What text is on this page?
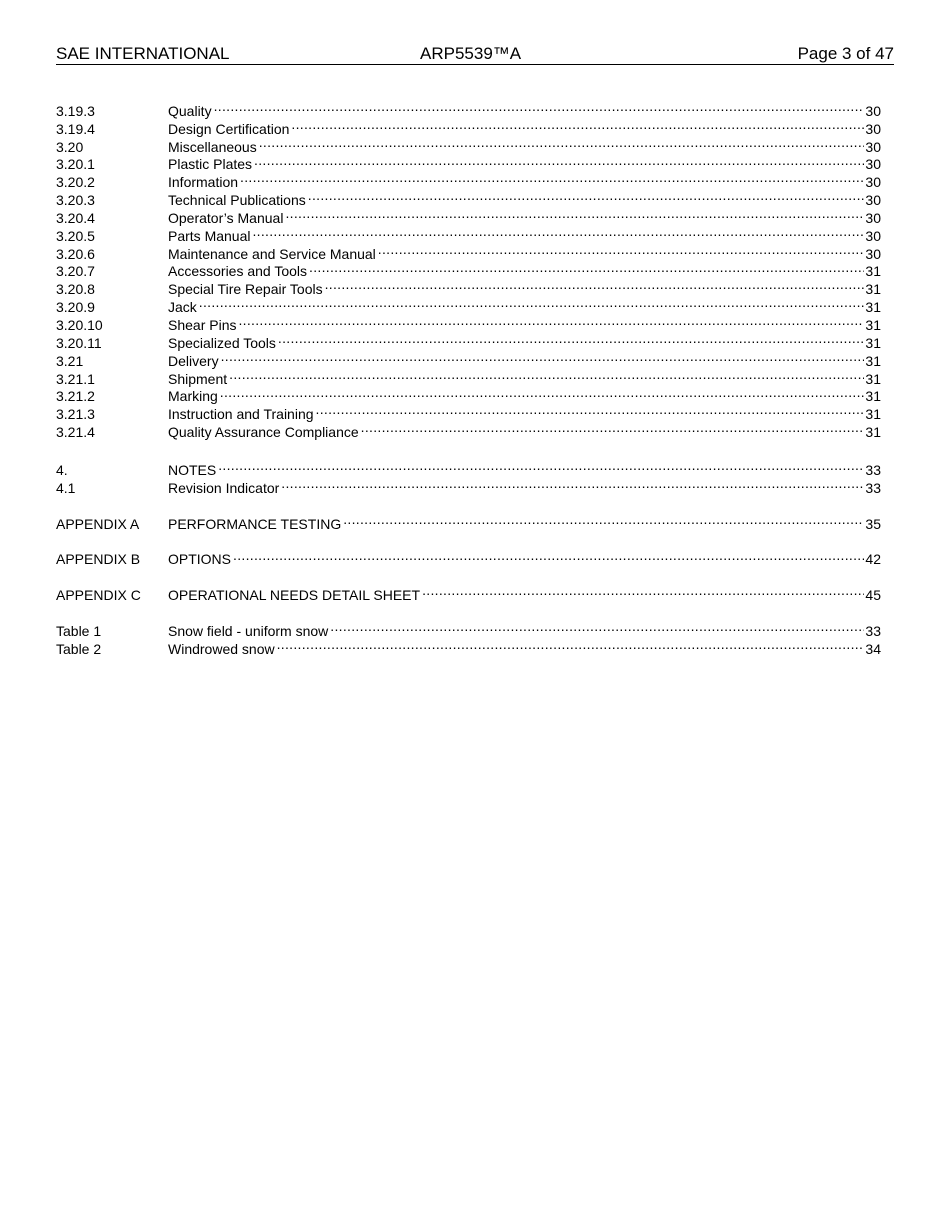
SAE INTERNATIONAL	ARP5539™A	Page 3 of 47
3.19.3	Quality .....	30
3.19.4	Design Certification .....	30
3.20	Miscellaneous .....	30
3.20.1	Plastic Plates .....	30
3.20.2	Information .....	30
3.20.3	Technical Publications .....	30
3.20.4	Operator’s Manual .....	30
3.20.5	Parts Manual .....	30
3.20.6	Maintenance and Service Manual .....	30
3.20.7	Accessories and Tools .....	31
3.20.8	Special Tire Repair Tools .....	31
3.20.9	Jack .....	31
3.20.10	Shear Pins .....	31
3.20.11	Specialized Tools .....	31
3.21	Delivery .....	31
3.21.1	Shipment .....	31
3.21.2	Marking .....	31
3.21.3	Instruction and Training .....	31
3.21.4	Quality Assurance Compliance .....	31
4.	NOTES .....	33
4.1	Revision Indicator .....	33
APPENDIX A	PERFORMANCE TESTING .....	35
APPENDIX B	OPTIONS .....	42
APPENDIX C	OPERATIONAL NEEDS DETAIL SHEET .....	45
Table 1	Snow field - uniform snow .....	33
Table 2	Windrowed snow .....	34
